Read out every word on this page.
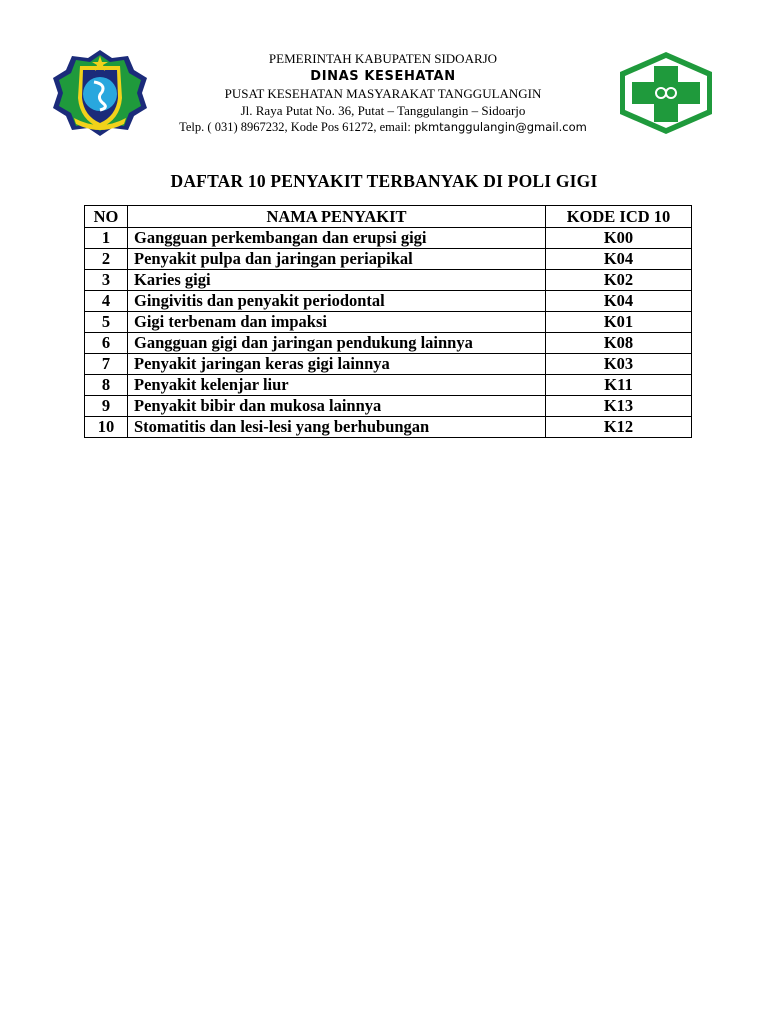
PEMERINTAH KABUPATEN SIDOARJO
DINAS KESEHATAN
PUSAT KESEHATAN MASYARAKAT TANGGULANGIN
Jl. Raya Putat No. 36, Putat – Tanggulangin – Sidoarjo
Telp. ( 031) 8967232, Kode Pos 61272, email: pkmtanggulangin@gmail.com
DAFTAR 10 PENYAKIT TERBANYAK DI POLI GIGI
NO	NAMA PENYAKIT	KODE ICD 10
1	Gangguan perkembangan dan erupsi gigi	K00
2	Penyakit pulpa dan jaringan periapikal	K04
3	Karies gigi	K02
4	Gingivitis dan penyakit periodontal	K04
5	Gigi terbenam dan impaksi	K01
6	Gangguan gigi dan jaringan pendukung lainnya	K08
7	Penyakit jaringan keras gigi lainnya	K03
8	Penyakit kelenjar liur	K11
9	Penyakit bibir dan mukosa lainnya	K13
10	Stomatitis dan lesi-lesi yang berhubungan	K12
